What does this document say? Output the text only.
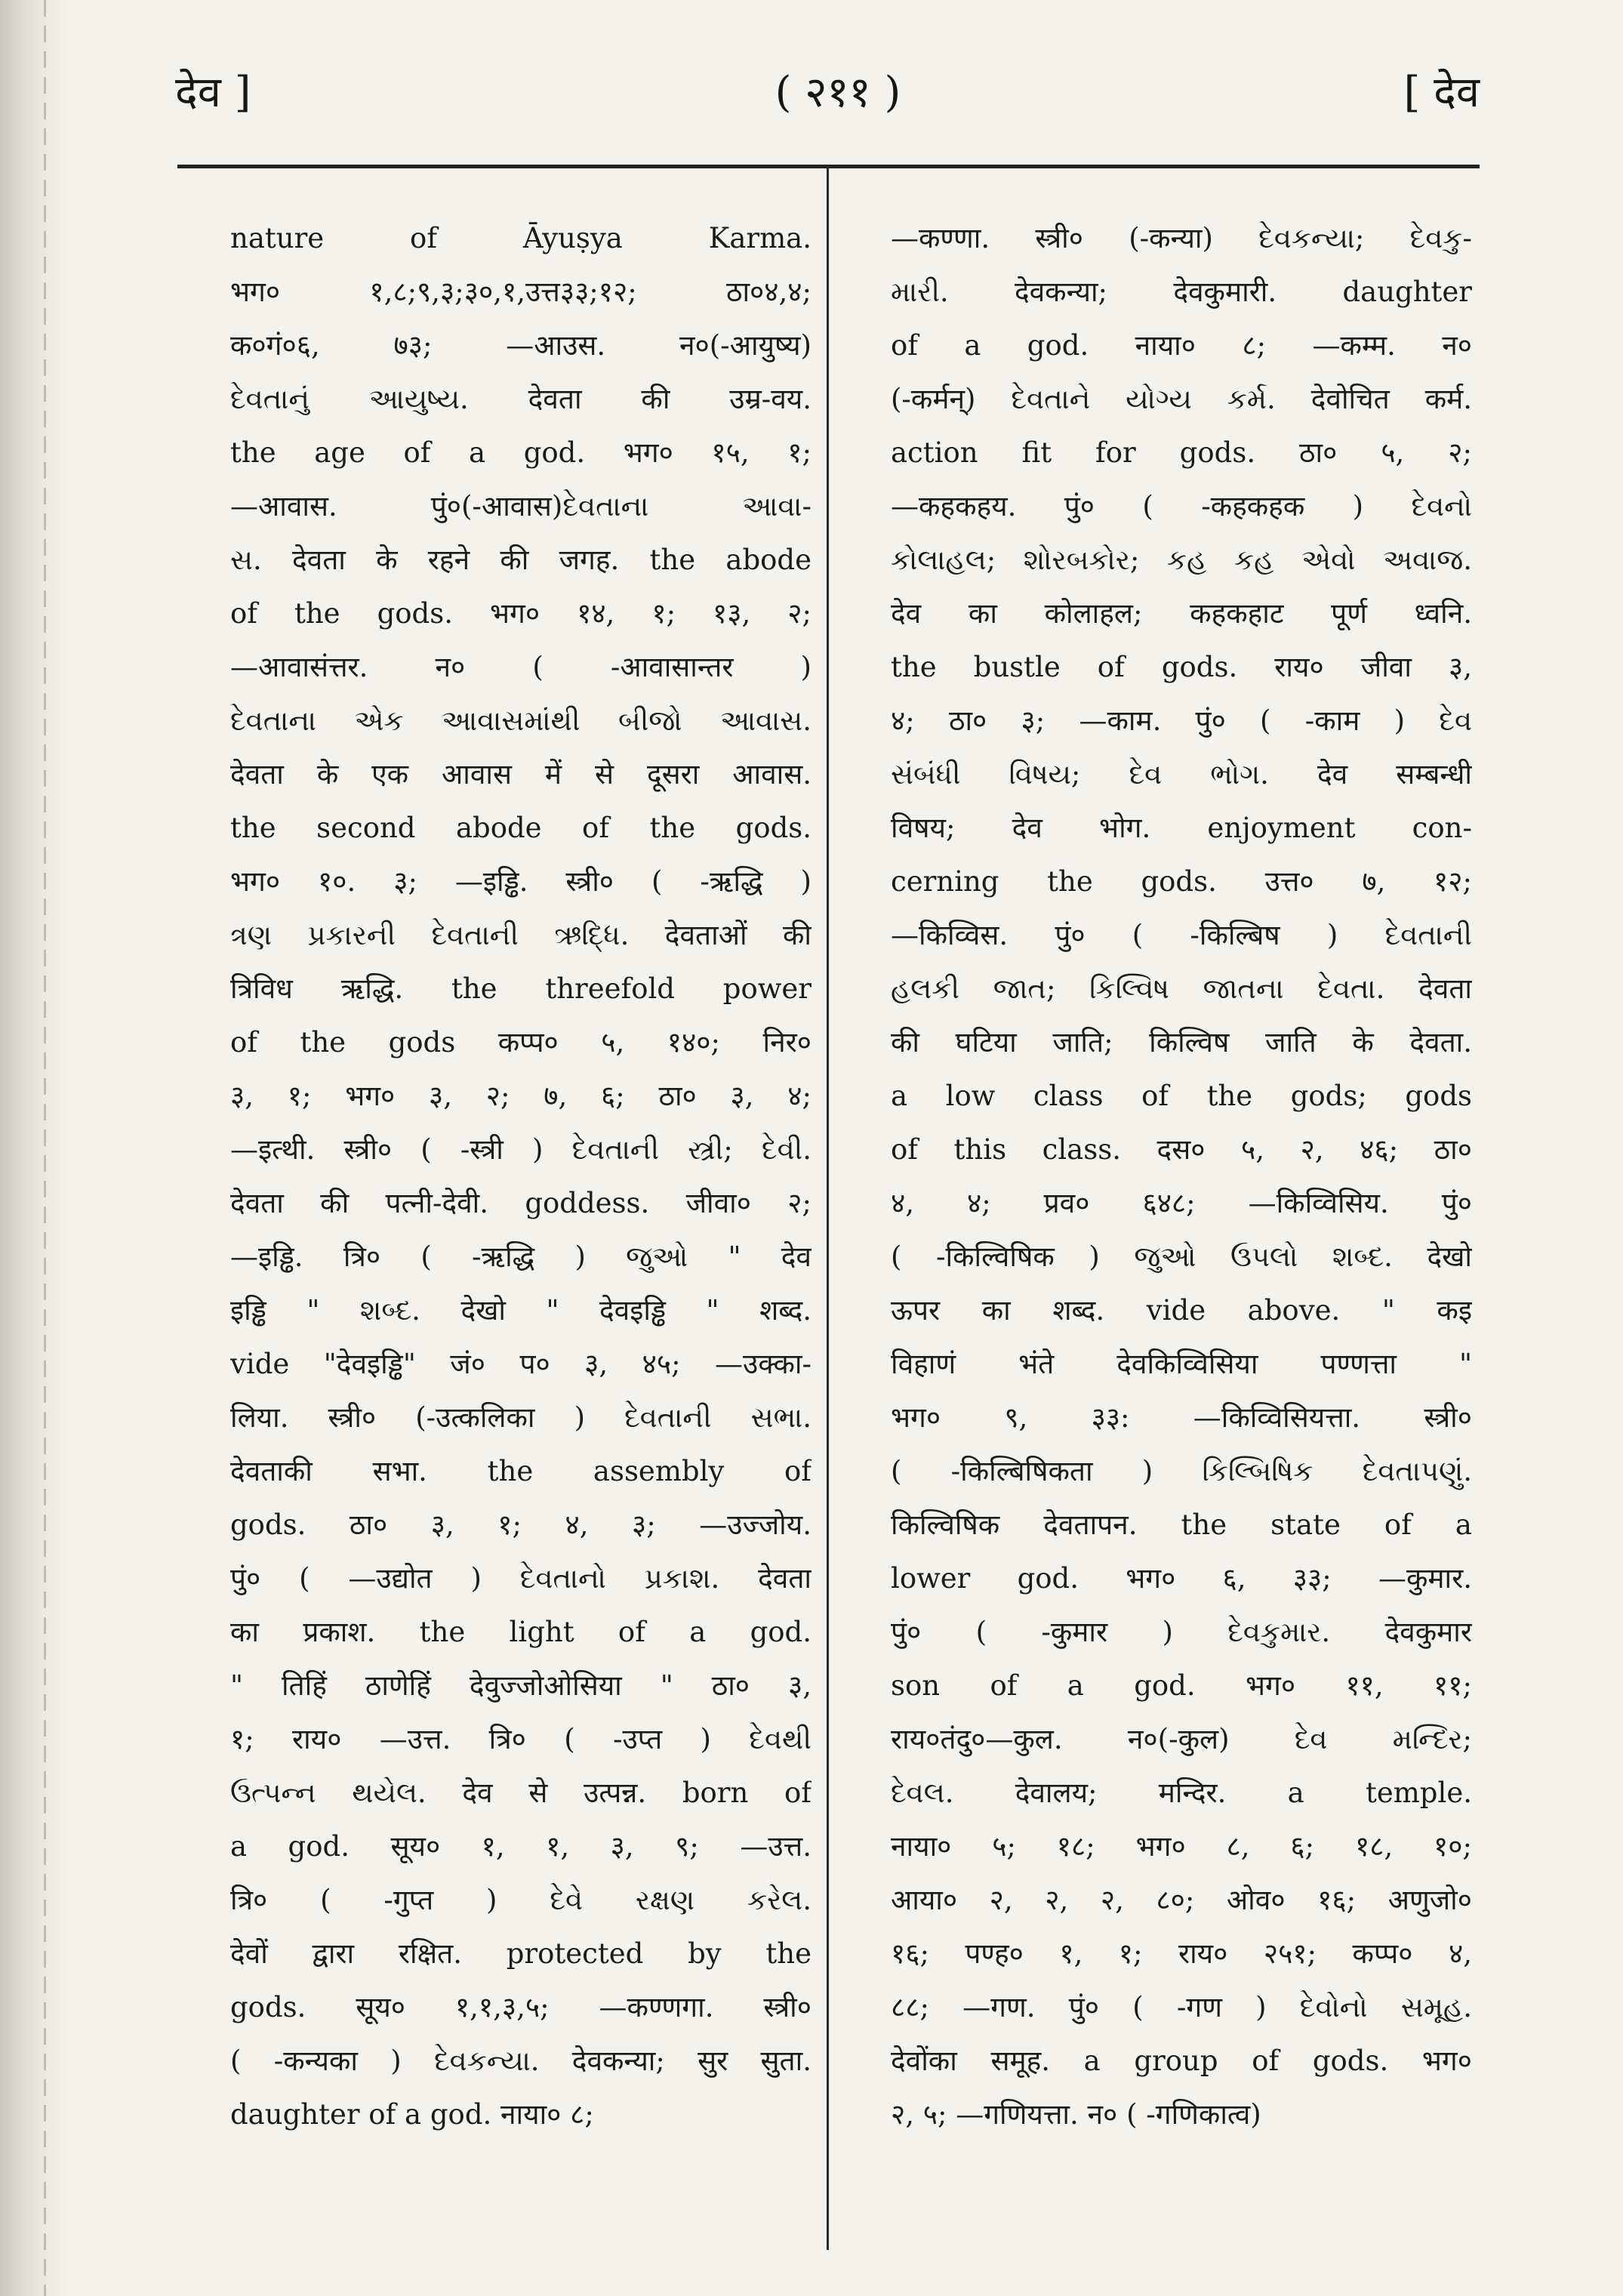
देव ]	( २११ )	[ देव
nature of Āyuṣya Karma.
भग० १,८;९,३;३०,१,उत्त३३;१२; ठा०४,४;
क०गं०६, ७३; —आउस. न०(-आयुष्य)
દેવતાનું આયુષ્ય. देवता की उम्र-वय.
the age of a god. भग० १५, १;
—आवास. पुं०(-आवास)દેવતાના આવા-
સ. देवता के रहने की जगह. the abode
of the gods. भग० १४, १; १३, २;
—आवासंत्तर. न० ( -आवासान्तर )
દેવતાના એક આવાસમાંથી બીજો આવાસ.
देवता के एक आवास में से दूसरा आवास.
the second abode of the gods.
भग० १०. ३; —इड्ढि. स्त्री० ( -ऋद्धि )
ત્રણ પ્રકારની દેવતાની ઋદ્ધિ. देवताओं की
त्रिविध ऋद्धि. the threefold power
of the gods कप्प० ५, १४०; निर०
३, १; भग० ३, २; ७, ६; ठा० ३, ४;
—इत्थी. स्त्री० ( -स्त्री ) દેવતાની સ્ત્રી; દેવી.
देवता की पत्नी-देवी. goddess. जीवा० २;
—इड्ढि. त्रि० ( -ऋद्धि ) જુઓ " देव
इड्ढि " શબ્દ. देखो " देवइड्ढि " शब्द.
vide "देवइड्ढि" जं० प० ३, ४५; —उक्का-
लिया. स्त्री० (-उत्कलिका ) દેવતાની સભા.
देवताकी सभा. the assembly of
gods. ठा० ३, १; ४, ३; —उज्जोय.
पुं० ( —उद्योत ) દેવતાનો પ્રકાશ. देवता
का प्रकाश. the light of a god.
" तिहिं ठाणेहिं देवुज्जोओसिया " ठा० ३,
१; राय० —उत्त. त्रि० ( -उप्त ) દેવથી
ઉત્પન્ન થયેલ. देव से उत्पन्न. born of
a god. सूय० १, १, ३, ९; —उत्त.
त्रि० ( -गुप्त ) દેવે રક્ષણ કરેલ.
देवों द्वारा रक्षित. protected by the
gods. सूय० १,१,३,५; —कण्णगा. स्त्री०
( -कन्यका ) દેવકન્યા. देवकन्या; सुर सुता.
daughter of a god. नाया० ८;
—कण्णा. स्त्री० (-कन्या) દેવકન્યા; દેવકુ-
મારી. देवकन्या; देवकुमारी. daughter
of a god. नाया० ८; —कम्म. न०
(-कर्मन्) દેવતાને યોગ્ય કર્મ. देवोचित कर्म.
action fit for gods. ठा० ५, २;
—कहकहय. पुं० ( -कहकहक ) દેવનો
કોલાહલ; શોરબકોર; કહ કહ એવો અવાજ.
देव का कोलाहल; कहकहाट पूर्ण ध्वनि.
the bustle of gods. राय० जीवा ३,
४; ठा० ३; —काम. पुं० ( -काम ) દેવ
સંબંધી વિષય; દેવ ભોગ. देव सम्बन्धी
विषय; देव भोग. enjoyment con-
cerning the gods. उत्त० ७, १२;
—किव्विस. पुं० ( -किल्बिष ) દેવતાની
હલકી જાત; કિલ્વિષ જાતના દેવતા. देवता
की घटिया जाति; किल्विष जाति के देवता.
a low class of the gods; gods
of this class. दस० ५, २, ४६; ठा०
४, ४; प्रव० ६४८; —किव्विसिय. पुं०
( -किल्विषिक ) જુઓ ઉપલો શબ્દ. देखो
ऊपर का शब्द. vide above. " कइ
विहाणं भंते देवकिव्विसिया पण्णत्ता "
भग० ९, ३३: —किव्विसियत्ता. स्त्री०
( -किल्बिषिकता ) કિલ્બિષિક દેવતાપણું.
किल्विषिक देवतापन. the state of a
lower god. भग० ६, ३३; —कुमार.
पुं० ( -कुमार ) દેવકુમાર. देवकुमार
son of a god. भग० ११, ११;
राय०तंदु०—कुल. न०(-कुल) દેવ મન્દિર;
દેવલ. देवालय; मन्दिर. a temple.
नाया० ५; १८; भग० ८, ६; १८, १०;
आया० २, २, २, ८०; ओव० १६; अणुजो०
१६; पण्ह० १, १; राय० २५१; कप्प० ४,
८८; —गण. पुं० ( -गण ) દેવોનો સમૂહ.
देवोंका समूह. a group of gods. भग०
२, ५; —गणियत्ता. न० ( -गणिकात्व)
